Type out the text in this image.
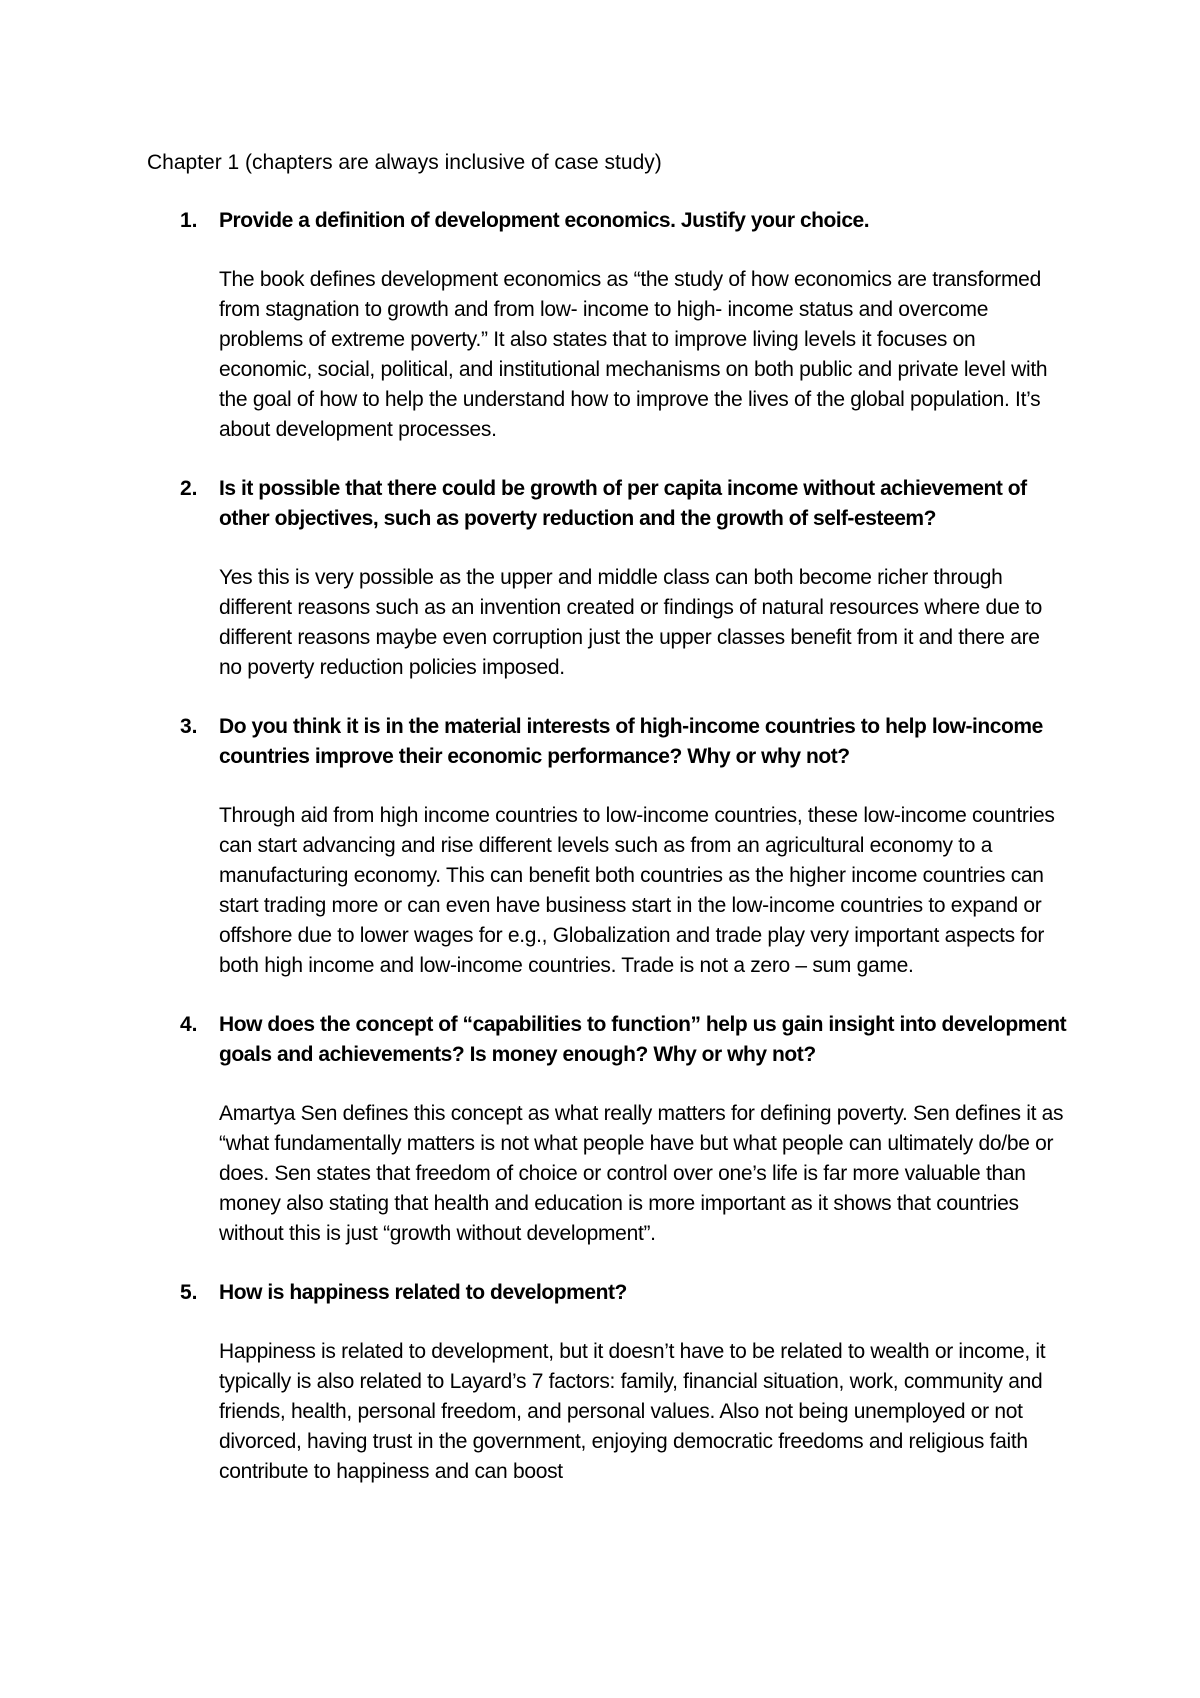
Chapter 1 (chapters are always inclusive of case study)
1. Provide a definition of development economics. Justify your choice.

The book defines development economics as “the study of how economics are transformed from stagnation to growth and from low- income to high- income status and overcome problems of extreme poverty.” It also states that to improve living levels it focuses on economic, social, political, and institutional mechanisms on both public and private level with the goal of how to help the understand how to improve the lives of the global population. It’s about development processes.

2. Is it possible that there could be growth of per capita income without achievement of other objectives, such as poverty reduction and the growth of self-esteem?

Yes this is very possible as the upper and middle class can both become richer through different reasons such as an invention created or findings of natural resources where due to different reasons maybe even corruption just the upper classes benefit from it and there are no poverty reduction policies imposed.

3. Do you think it is in the material interests of high-income countries to help low-income countries improve their economic performance? Why or why not?

Through aid from high income countries to low-income countries, these low-income countries can start advancing and rise different levels such as from an agricultural economy to a manufacturing economy. This can benefit both countries as the higher income countries can start trading more or can even have business start in the low-income countries to expand or offshore due to lower wages for e.g., Globalization and trade play very important aspects for both high income and low-income countries. Trade is not a zero – sum game.

4. How does the concept of “capabilities to function” help us gain insight into development goals and achievements? Is money enough? Why or why not?

Amartya Sen defines this concept as what really matters for defining poverty. Sen defines it as “what fundamentally matters is not what people have but what people can ultimately do/be or does. Sen states that freedom of choice or control over one’s life is far more valuable than money also stating that health and education is more important as it shows that countries without this is just “growth without development”.

5. How is happiness related to development?

Happiness is related to development, but it doesn’t have to be related to wealth or income, it typically is also related to Layard’s 7 factors: family, financial situation, work, community and friends, health, personal freedom, and personal values. Also not being unemployed or not divorced, having trust in the government, enjoying democratic freedoms and religious faith contribute to happiness and can boost
